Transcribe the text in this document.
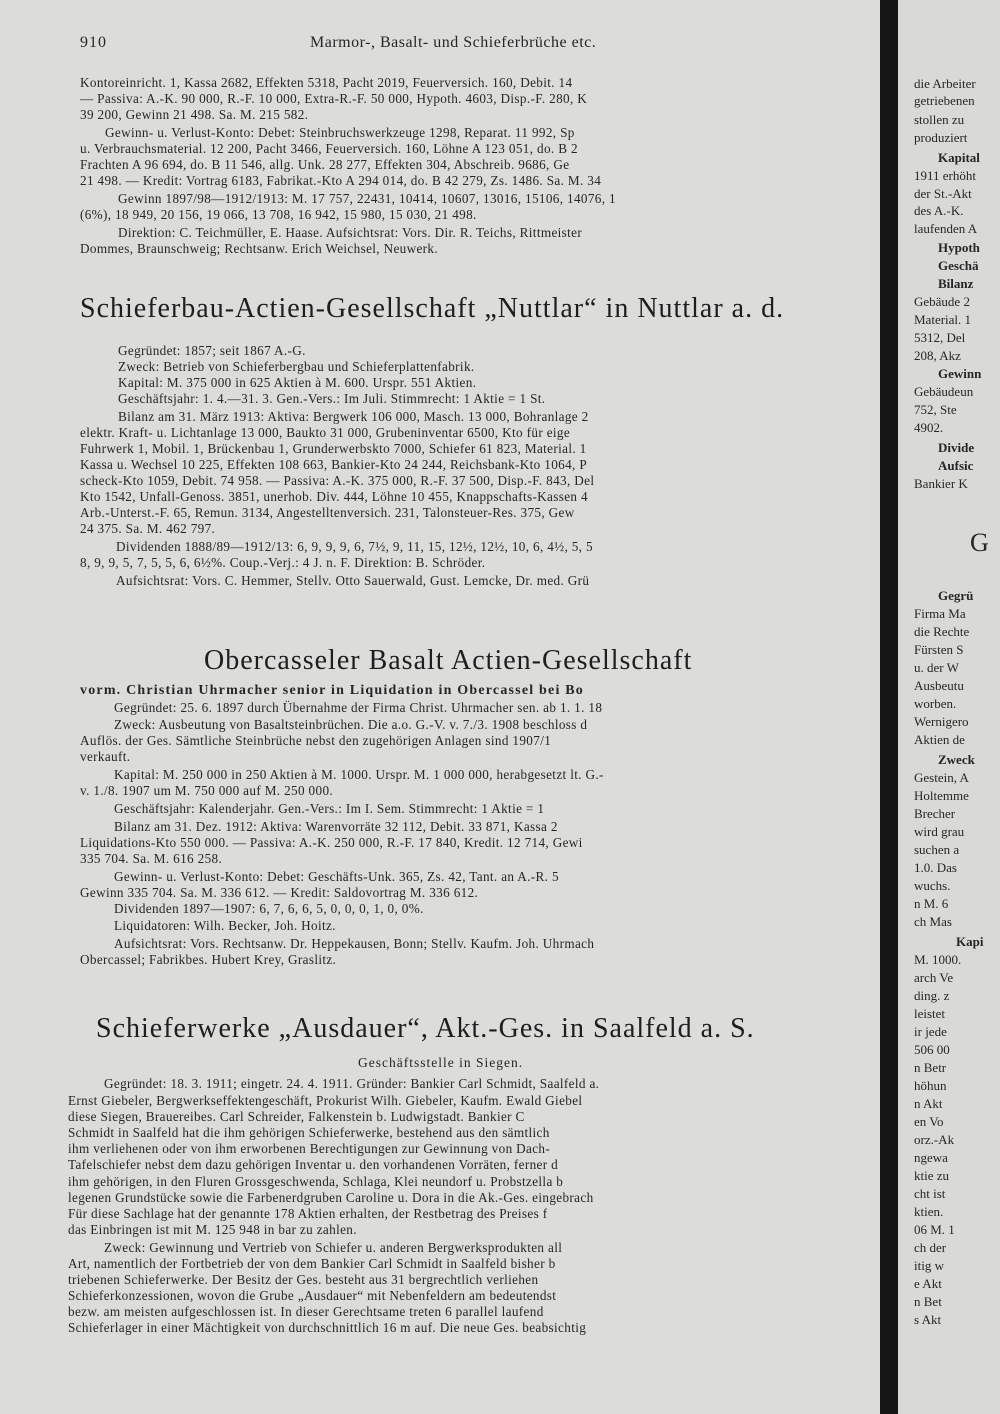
910	Marmor-, Basalt- und Schieferbrüche etc.
Kontoreinricht. 1, Kassa 2682, Effekten 5318, Pacht 2019, Feuerversich. 160, Debit. 14
— Passiva: A.-K. 90 000, R.-F. 10 000, Extra-R.-F. 50 000, Hypoth. 4603, Disp.-F. 280, K
39 200, Gewinn 21 498. Sa. M. 215 582.
Gewinn- u. Verlust-Konto: Debet: Steinbruchswerkzeuge 1298, Reparat. 11 992, Sp
u. Verbrauchsmaterial. 12 200, Pacht 3466, Feuerversich. 160, Löhne A 123 051, do. B 2
Frachten A 96 694, do. B 11 546, allg. Unk. 28 277, Effekten 304, Abschreib. 9686, Ge
21 498. — Kredit: Vortrag 6183, Fabrikat.-Kto A 294 014, do. B 42 279, Zs. 1486. Sa. M. 34
Gewinn 1897/98—1912/1913: M. 17 757, 22431, 10414, 10607, 13016, 15106, 14076, 1
(6%), 18 949, 20 156, 19 066, 13 708, 16 942, 15 980, 15 030, 21 498.
Direktion: C. Teichmüller, E. Haase. Aufsichtsrat: Vors. Dir. R. Teichs, Rittmeister
Dommes, Braunschweig; Rechtsanw. Erich Weichsel, Neuwerk.
Schieferbau-Actien-Gesellschaft „Nuttlar“ in Nuttlar a. d.
Gegründet: 1857; seit 1867 A.-G.
Zweck: Betrieb von Schieferbergbau und Schieferplattenfabrik.
Kapital: M. 375 000 in 625 Aktien à M. 600. Urspr. 551 Aktien.
Geschäftsjahr: 1. 4.—31. 3. Gen.-Vers.: Im Juli. Stimmrecht: 1 Aktie = 1 St.
Bilanz am 31. März 1913: Aktiva: Bergwerk 106 000, Masch. 13 000, Bohranlage 2
elektr. Kraft- u. Lichtanlage 13 000, Baukto 31 000, Grubeninventar 6500, Kto für eige
Fuhrwerk 1, Mobil. 1, Brückenbau 1, Grunderwerbskto 7000, Schiefer 61 823, Material. 1
Kassa u. Wechsel 10 225, Effekten 108 663, Bankier-Kto 24 244, Reichsbank-Kto 1064, P
scheck-Kto 1059, Debit. 74 958. — Passiva: A.-K. 375 000, R.-F. 37 500, Disp.-F. 843, Del
Kto 1542, Unfall-Genoss. 3851, unerhob. Div. 444, Löhne 10 455, Knappschafts-Kassen 4
Arb.-Unterst.-F. 65, Remun. 3134, Angestelltenversich. 231, Talonsteuer-Res. 375, Gew
24 375. Sa. M. 462 797.
Dividenden 1888/89—1912/13: 6, 9, 9, 9, 6, 7½, 9, 11, 15, 12½, 12½, 10, 6, 4½, 5, 5
8, 9, 9, 5, 7, 5, 5, 6, 6½%. Coup.-Verj.: 4 J. n. F. Direktion: B. Schröder.
Aufsichtsrat: Vors. C. Hemmer, Stellv. Otto Sauerwald, Gust. Lemcke, Dr. med. Grü
Obercasseler Basalt Actien-Gesellschaft
vorm. Christian Uhrmacher senior in Liquidation in Obercassel bei Bo
Gegründet: 25. 6. 1897 durch Übernahme der Firma Christ. Uhrmacher sen. ab 1. 1. 18
Zweck: Ausbeutung von Basaltsteinbrüchen. Die a.o. G.-V. v. 7./3. 1908 beschloss d
Auflös. der Ges. Sämtliche Steinbrüche nebst den zugehörigen Anlagen sind 1907/1
verkauft.
Kapital: M. 250 000 in 250 Aktien à M. 1000. Urspr. M. 1 000 000, herabgesetzt lt. G.-
v. 1./8. 1907 um M. 750 000 auf M. 250 000.
Geschäftsjahr: Kalenderjahr. Gen.-Vers.: Im I. Sem. Stimmrecht: 1 Aktie = 1
Bilanz am 31. Dez. 1912: Aktiva: Warenvorräte 32 112, Debit. 33 871, Kassa 2
Liquidations-Kto 550 000. — Passiva: A.-K. 250 000, R.-F. 17 840, Kredit. 12 714, Gewi
335 704. Sa. M. 616 258.
Gewinn- u. Verlust-Konto: Debet: Geschäfts-Unk. 365, Zs. 42, Tant. an A.-R. 5
Gewinn 335 704. Sa. M. 336 612. — Kredit: Saldovortrag M. 336 612.
Dividenden 1897—1907: 6, 7, 6, 6, 5, 0, 0, 0, 1, 0, 0%.
Liquidatoren: Wilh. Becker, Joh. Hoitz.
Aufsichtsrat: Vors. Rechtsanw. Dr. Heppekausen, Bonn; Stellv. Kaufm. Joh. Uhrmach
Obercassel; Fabrikbes. Hubert Krey, Graslitz.
Schieferwerke „Ausdauer“, Akt.-Ges. in Saalfeld a. S.
Geschäftsstelle in Siegen.
Gegründet: 18. 3. 1911; eingetr. 24. 4. 1911. Gründer: Bankier Carl Schmidt, Saalfeld a.
Ernst Giebeler, Bergwerkseffektengeschäft, Prokurist Wilh. Giebeler, Kaufm. Ewald Giebel
diese Siegen, Brauereibes. Carl Schreider, Falkenstein b. Ludwigstadt. Bankier C
Schmidt in Saalfeld hat die ihm gehörigen Schieferwerke, bestehend aus den sämtlich
ihm verliehenen oder von ihm erworbenen Berechtigungen zur Gewinnung von Dach-
Tafelschiefer nebst dem dazu gehörigen Inventar u. den vorhandenen Vorräten, ferner d
ihm gehörigen, in den Fluren Grossgeschwenda, Schlaga, Klei neundorf u. Probstzella b
legenen Grundstücke sowie die Farbenerdgruben Caroline u. Dora in die Ak.-Ges. eingebrach
Für diese Sachlage hat der genannte 178 Aktien erhalten, der Restbetrag des Preises f
das Einbringen ist mit M. 125 948 in bar zu zahlen.
Zweck: Gewinnung und Vertrieb von Schiefer u. anderen Bergwerksprodukten all
Art, namentlich der Fortbetrieb der von dem Bankier Carl Schmidt in Saalfeld bisher b
triebenen Schieferwerke. Der Besitz der Ges. besteht aus 31 bergrechtlich verliehen
Schieferkonzessionen, wovon die Grube „Ausdauer“ mit Nebenfeldern am bedeutendst
bezw. am meisten aufgeschlossen ist. In dieser Gerechtsame treten 6 parallel laufend
Schieferlager in einer Mächtigkeit von durchschnittlich 16 m auf. Die neue Ges. beabsichtig
die Arbeiter
getriebenen
stollen zu
produziert
Kapital
1911 erhöht
der St.-Akt
des A.-K.
laufenden A
Hypoth
Geschä
Bilanz
Gebäude 2
Material. 1
5312, Del
208, Akz
Gewinn
Gebäudeun
752, Ste
4902.
Divide
Aufsic
Bankier K
G
Gegrü
Firma Ma
die Rechte
Fürsten S
u. der W
Ausbeutu
worben.
Wernigero
Aktien de
Zweck
Gestein, A
Holtemme
Brecher
wird grau
suchen a
1.0. Das
wuchs.
n M. 6
ch Mas
Kapi
M. 1000.
arch Ve
ding. z
leistet
ir jede
506 00
n Betr
höhun
n Akt
en Vo
orz.-Ak
ngewa
ktie zu
cht ist
ktien.
06 M. 1
ch der
itig w
e Akt
n Bet
s Akt
